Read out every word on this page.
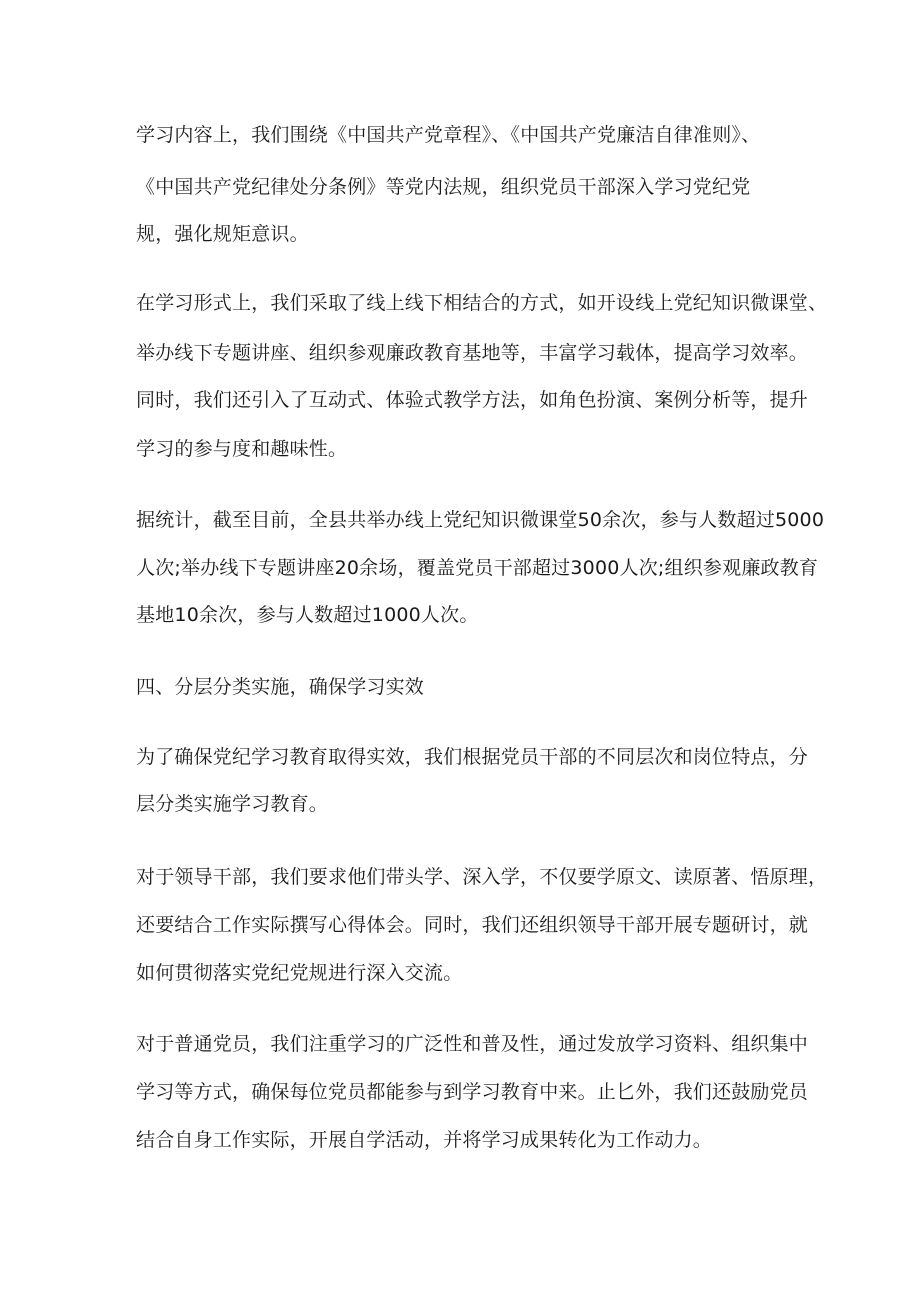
学习内容上，我们围绕《中国共产党章程》、《中国共产党廉洁自律准则》、

《中国共产党纪律处分条例》等党内法规，组织党员干部深入学习党纪党

规，强化规矩意识。

在学习形式上，我们采取了线上线下相结合的方式，如开设线上党纪知识微课堂、

举办线下专题讲座、组织参观廉政教育基地等，丰富学习载体，提高学习效率。

同时，我们还引入了互动式、体验式教学方法，如角色扮演、案例分析等，提升

学习的参与度和趣味性。

据统计，截至目前，全县共举办线上党纪知识微课堂50余次，参与人数超过5000

人次;举办线下专题讲座20余场，覆盖党员干部超过3000人次;组织参观廉政教育

基地10余次，参与人数超过1000人次。

四、分层分类实施，确保学习实效

为了确保党纪学习教育取得实效，我们根据党员干部的不同层次和岗位特点，分

层分类实施学习教育。

对于领导干部，我们要求他们带头学、深入学，不仅要学原文、读原著、悟原理，

还要结合工作实际撰写心得体会。同时，我们还组织领导干部开展专题研讨，就

如何贯彻落实党纪党规进行深入交流。

对于普通党员，我们注重学习的广泛性和普及性，通过发放学习资料、组织集中

学习等方式，确保每位党员都能参与到学习教育中来。止匕外，我们还鼓励党员

结合自身工作实际，开展自学活动，并将学习成果转化为工作动力。
